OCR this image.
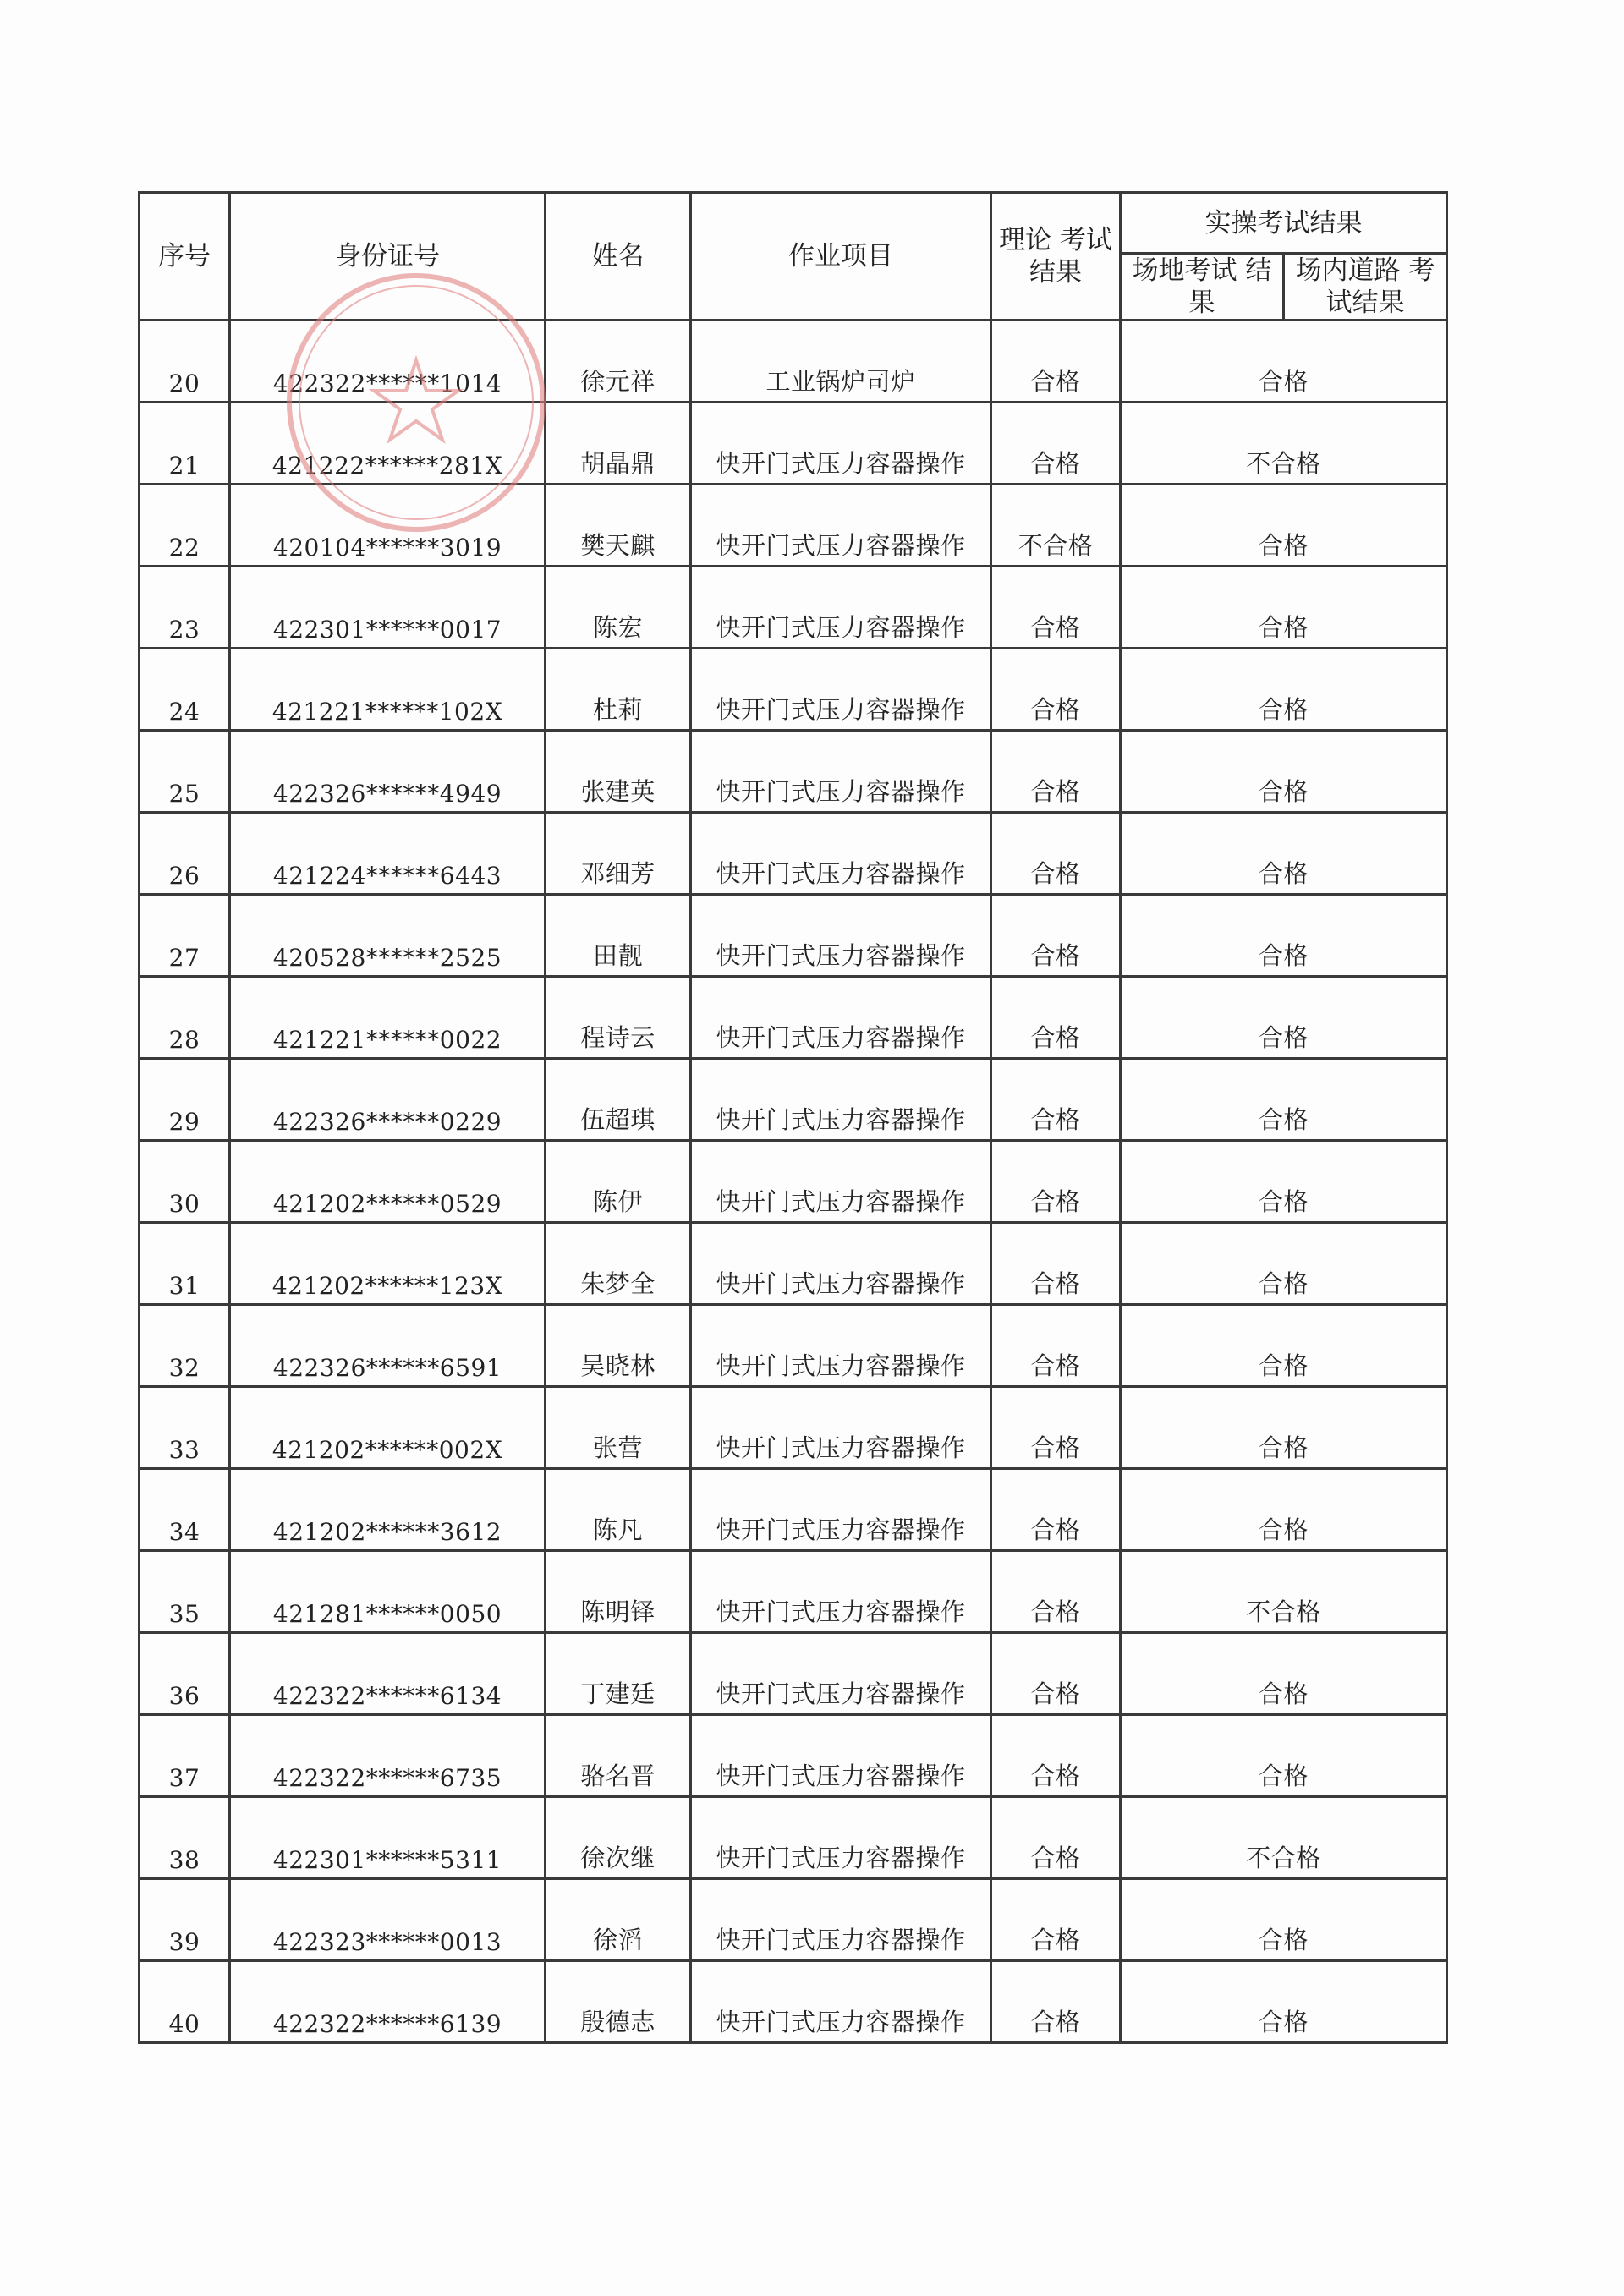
序号	身份证号	姓名	作业项目	理论 考试结果	实操考试结果	
					场地考试 结果	场内道路 考试结果
20	422322******1014	徐元祥	工业锅炉司炉	合格	合格	
21	421222******281X	胡晶鼎	快开门式压力容器操作	合格	不合格	
22	420104******3019	樊天麒	快开门式压力容器操作	不合格	合格	
23	422301******0017	陈宏	快开门式压力容器操作	合格	合格	
24	421221******102X	杜莉	快开门式压力容器操作	合格	合格	
25	422326******4949	张建英	快开门式压力容器操作	合格	合格	
26	421224******6443	邓细芳	快开门式压力容器操作	合格	合格	
27	420528******2525	田靓	快开门式压力容器操作	合格	合格	
28	421221******0022	程诗云	快开门式压力容器操作	合格	合格	
29	422326******0229	伍超琪	快开门式压力容器操作	合格	合格	
30	421202******0529	陈伊	快开门式压力容器操作	合格	合格	
31	421202******123X	朱梦全	快开门式压力容器操作	合格	合格	
32	422326******6591	吴晓林	快开门式压力容器操作	合格	合格	
33	421202******002X	张营	快开门式压力容器操作	合格	合格	
34	421202******3612	陈凡	快开门式压力容器操作	合格	合格	
35	421281******0050	陈明铎	快开门式压力容器操作	合格	不合格	
36	422322******6134	丁建廷	快开门式压力容器操作	合格	合格	
37	422322******6735	骆名晋	快开门式压力容器操作	合格	合格	
38	422301******5311	徐次继	快开门式压力容器操作	合格	不合格	
39	422323******0013	徐滔	快开门式压力容器操作	合格	合格	
40	422322******6139	殷德志	快开门式压力容器操作	合格	合格	
